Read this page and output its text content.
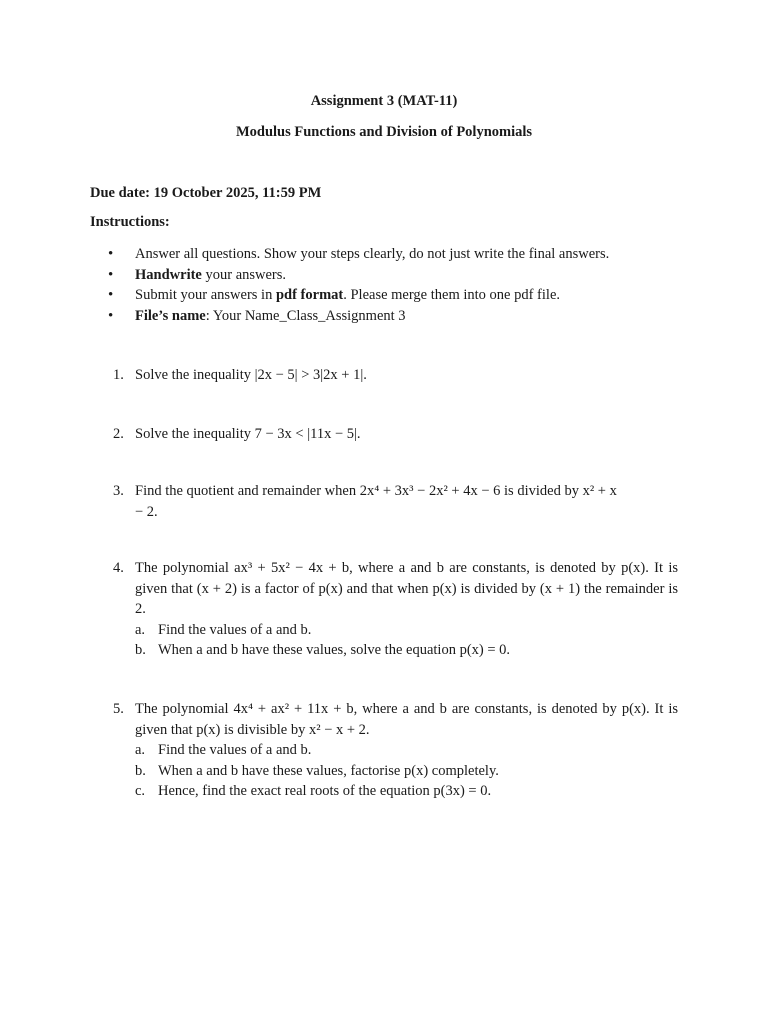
Assignment 3 (MAT-11)
Modulus Functions and Division of Polynomials
Due date: 19 October 2025, 11:59 PM
Instructions:
• Answer all questions. Show your steps clearly, do not just write the final answers.
• Handwrite your answers.
• Submit your answers in pdf format. Please merge them into one pdf file.
• File’s name: Your Name_Class_Assignment 3
1. Solve the inequality |2x − 5| > 3|2x + 1|.
2. Solve the inequality 7 − 3x < |11x − 5|.
3. Find the quotient and remainder when 2x⁴ + 3x³ − 2x² + 4x − 6 is divided by x² + x − 2.
4. The polynomial ax³ + 5x² − 4x + b, where a and b are constants, is denoted by p(x). It is given that (x + 2) is a factor of p(x) and that when p(x) is divided by (x + 1) the remainder is 2.
a. Find the values of a and b.
b. When a and b have these values, solve the equation p(x) = 0.
5. The polynomial 4x⁴ + ax² + 11x + b, where a and b are constants, is denoted by p(x). It is given that p(x) is divisible by x² − x + 2.
a. Find the values of a and b.
b. When a and b have these values, factorise p(x) completely.
c. Hence, find the exact real roots of the equation p(3x) = 0.
